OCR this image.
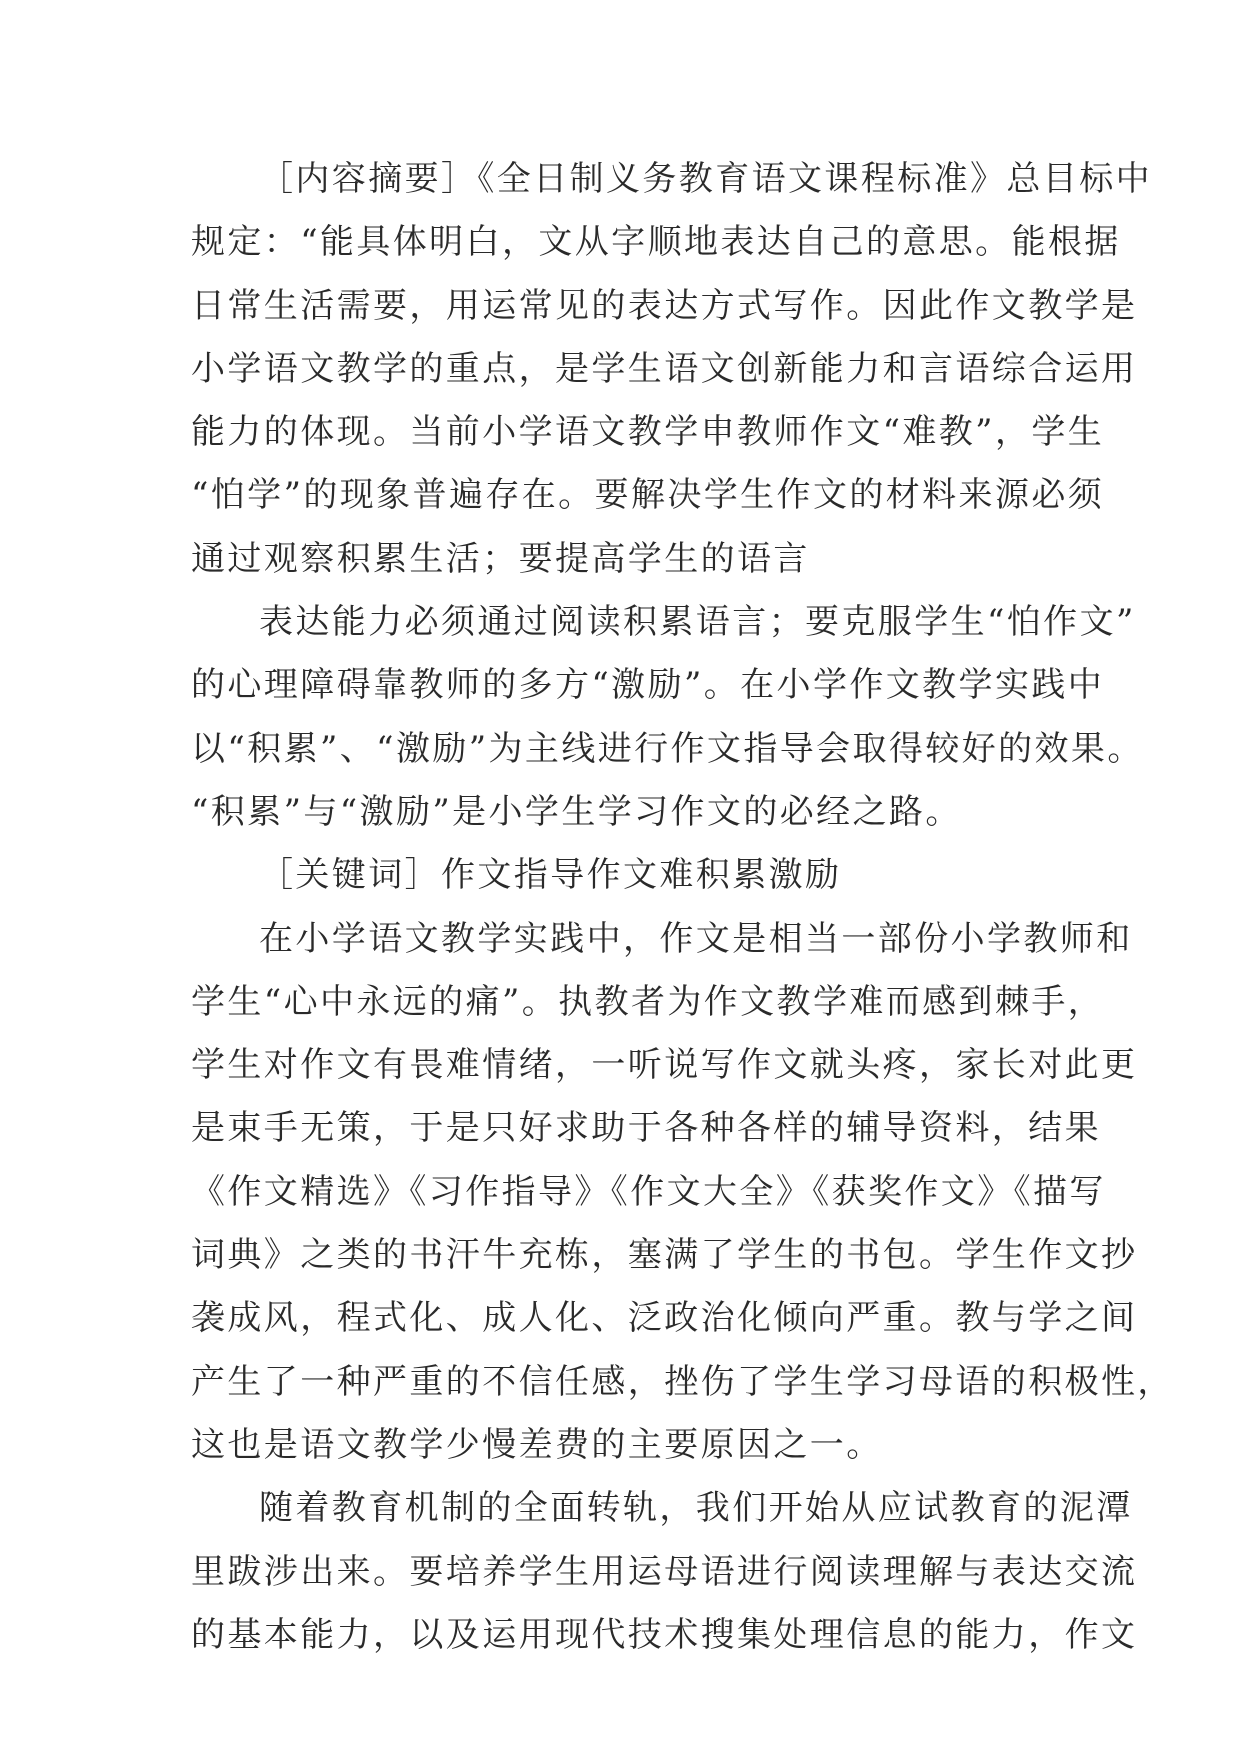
［内容摘要］《全日制义务教育语文课程标准》总目标中
规定：“能具体明白，文从字顺地表达自己的意思。能根据
日常生活需要，用运常见的表达方式写作。因此作文教学是
小学语文教学的重点，是学生语文创新能力和言语综合运用
能力的体现。当前小学语文教学申教师作文“难教”，学生
“怕学”的现象普遍存在。要解决学生作文的材料来源必须
通过观察积累生活；要提高学生的语言
表达能力必须通过阅读积累语言；要克服学生“怕作文”
的心理障碍靠教师的多方“激励”。在小学作文教学实践中
以“积累”、“激励”为主线进行作文指导会取得较好的效果。
“积累”与“激励”是小学生学习作文的必经之路。
［关键词］作文指导作文难积累激励
在小学语文教学实践中，作文是相当一部份小学教师和
学生“心中永远的痛”。执教者为作文教学难而感到棘手，
学生对作文有畏难情绪，一听说写作文就头疼，家长对此更
是束手无策，于是只好求助于各种各样的辅导资料，结果
《作文精选》《习作指导》《作文大全》《获奖作文》《描写
词典》之类的书汗牛充栋，塞满了学生的书包。学生作文抄
袭成风，程式化、成人化、泛政治化倾向严重。教与学之间
产生了一种严重的不信任感，挫伤了学生学习母语的积极性，
这也是语文教学少慢差费的主要原因之一。
随着教育机制的全面转轨，我们开始从应试教育的泥潭
里跋涉出来。要培养学生用运母语进行阅读理解与表达交流
的基本能力，以及运用现代技术搜集处理信息的能力，作文
